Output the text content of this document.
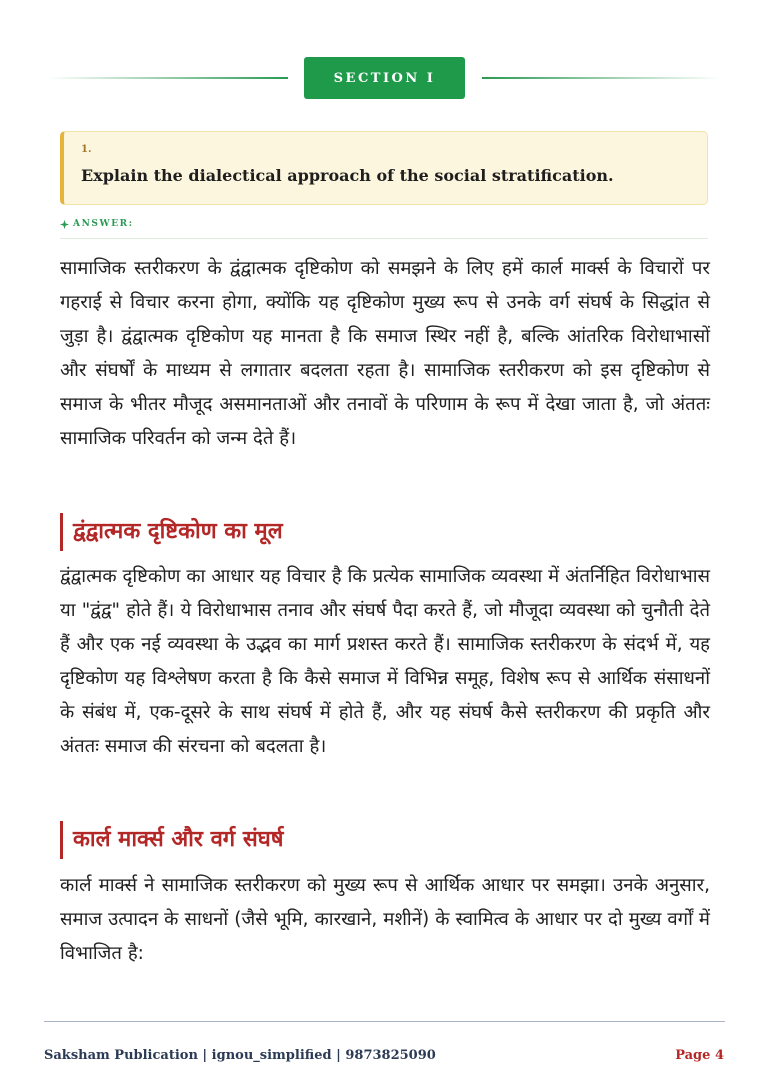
SECTION I
1.
Explain the dialectical approach of the social stratification.
ANSWER:

सामाजिक स्तरीकरण के द्वंद्वात्मक दृष्टिकोण को समझने के लिए हमें कार्ल मार्क्स के विचारों पर गहराई से विचार करना होगा, क्योंकि यह दृष्टिकोण मुख्य रूप से उनके वर्ग संघर्ष के सिद्धांत से जुड़ा है। द्वंद्वात्मक दृष्टिकोण यह मानता है कि समाज स्थिर नहीं है, बल्कि आंतरिक विरोधाभासों और संघर्षों के माध्यम से लगातार बदलता रहता है। सामाजिक स्तरीकरण को इस दृष्टिकोण से समाज के भीतर मौजूद असमानताओं और तनावों के परिणाम के रूप में देखा जाता है, जो अंततः सामाजिक परिवर्तन को जन्म देते हैं।

द्वंद्वात्मक दृष्टिकोण का मूल

द्वंद्वात्मक दृष्टिकोण का आधार यह विचार है कि प्रत्येक सामाजिक व्यवस्था में अंतर्निहित विरोधाभास या "द्वंद्व" होते हैं। ये विरोधाभास तनाव और संघर्ष पैदा करते हैं, जो मौजूदा व्यवस्था को चुनौती देते हैं और एक नई व्यवस्था के उद्भव का मार्ग प्रशस्त करते हैं। सामाजिक स्तरीकरण के संदर्भ में, यह दृष्टिकोण यह विश्लेषण करता है कि कैसे समाज में विभिन्न समूह, विशेष रूप से आर्थिक संसाधनों के संबंध में, एक-दूसरे के साथ संघर्ष में होते हैं, और यह संघर्ष कैसे स्तरीकरण की प्रकृति और अंततः समाज की संरचना को बदलता है।

कार्ल मार्क्स और वर्ग संघर्ष

कार्ल मार्क्स ने सामाजिक स्तरीकरण को मुख्य रूप से आर्थिक आधार पर समझा। उनके अनुसार, समाज उत्पादन के साधनों (जैसे भूमि, कारखाने, मशीनें) के स्वामित्व के आधार पर दो मुख्य वर्गों में विभाजित है:

Saksham Publication | ignou_simplified | 9873825090	Page 4
